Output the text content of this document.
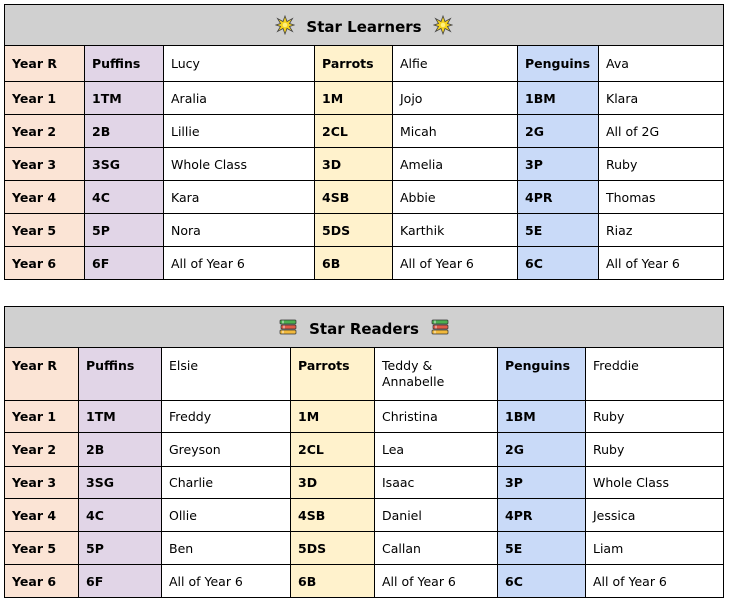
Star Learners						
Year R	Puffins	Lucy	Parrots	Alfie	Penguins	Ava
Year 1	1TM	Aralia	1M	Jojo	1BM	Klara
Year 2	2B	Lillie	2CL	Micah	2G	All of 2G
Year 3	3SG	Whole Class	3D	Amelia	3P	Ruby
Year 4	4C	Kara	4SB	Abbie	4PR	Thomas
Year 5	5P	Nora	5DS	Karthik	5E	Riaz
Year 6	6F	All of Year 6	6B	All of Year 6	6C	All of Year 6
Star Readers						
Year R	Puffins	Elsie	Parrots	Teddy & Annabelle	Penguins	Freddie
Year 1	1TM	Freddy	1M	Christina	1BM	Ruby
Year 2	2B	Greyson	2CL	Lea	2G	Ruby
Year 3	3SG	Charlie	3D	Isaac	3P	Whole Class
Year 4	4C	Ollie	4SB	Daniel	4PR	Jessica
Year 5	5P	Ben	5DS	Callan	5E	Liam
Year 6	6F	All of Year 6	6B	All of Year 6	6C	All of Year 6
